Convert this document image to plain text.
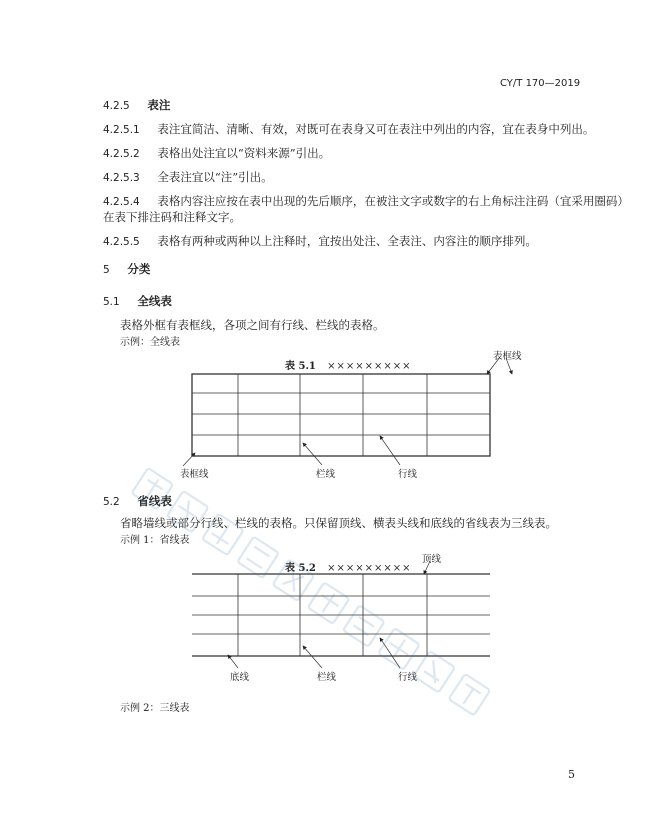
CY/T 170—2019
4.2.5 表注
4.2.5.1 表注宜简洁、清晰、有效，对既可在表身又可在表注中列出的内容，宜在表身中列出。
4.2.5.2 表格出处注宜以“资料来源”引出。
4.2.5.3 全表注宜以“注”引出。
4.2.5.4 表格内容注应按在表中出现的先后顺序，在被注文字或数字的右上角标注注码（宜采用圈码）
在表下排注码和注释文字。
4.2.5.5 表格有两种或两种以上注释时，宜按出处注、全表注、内容注的顺序排列。
5 分类
5.1 全线表
表格外框有表框线，各项之间有行线、栏线的表格。
示例：全线表
表 5.1 ×××××××××
表框线
表框线	栏线	行线
5.2 省线表
省略墙线或部分行线、栏线的表格。只保留顶线、横表头线和底线的省线表为三线表。
示例 1：省线表
表 5.2 ×××××××××
顶线
底线	栏线	行线
示例 2：三线表
5
